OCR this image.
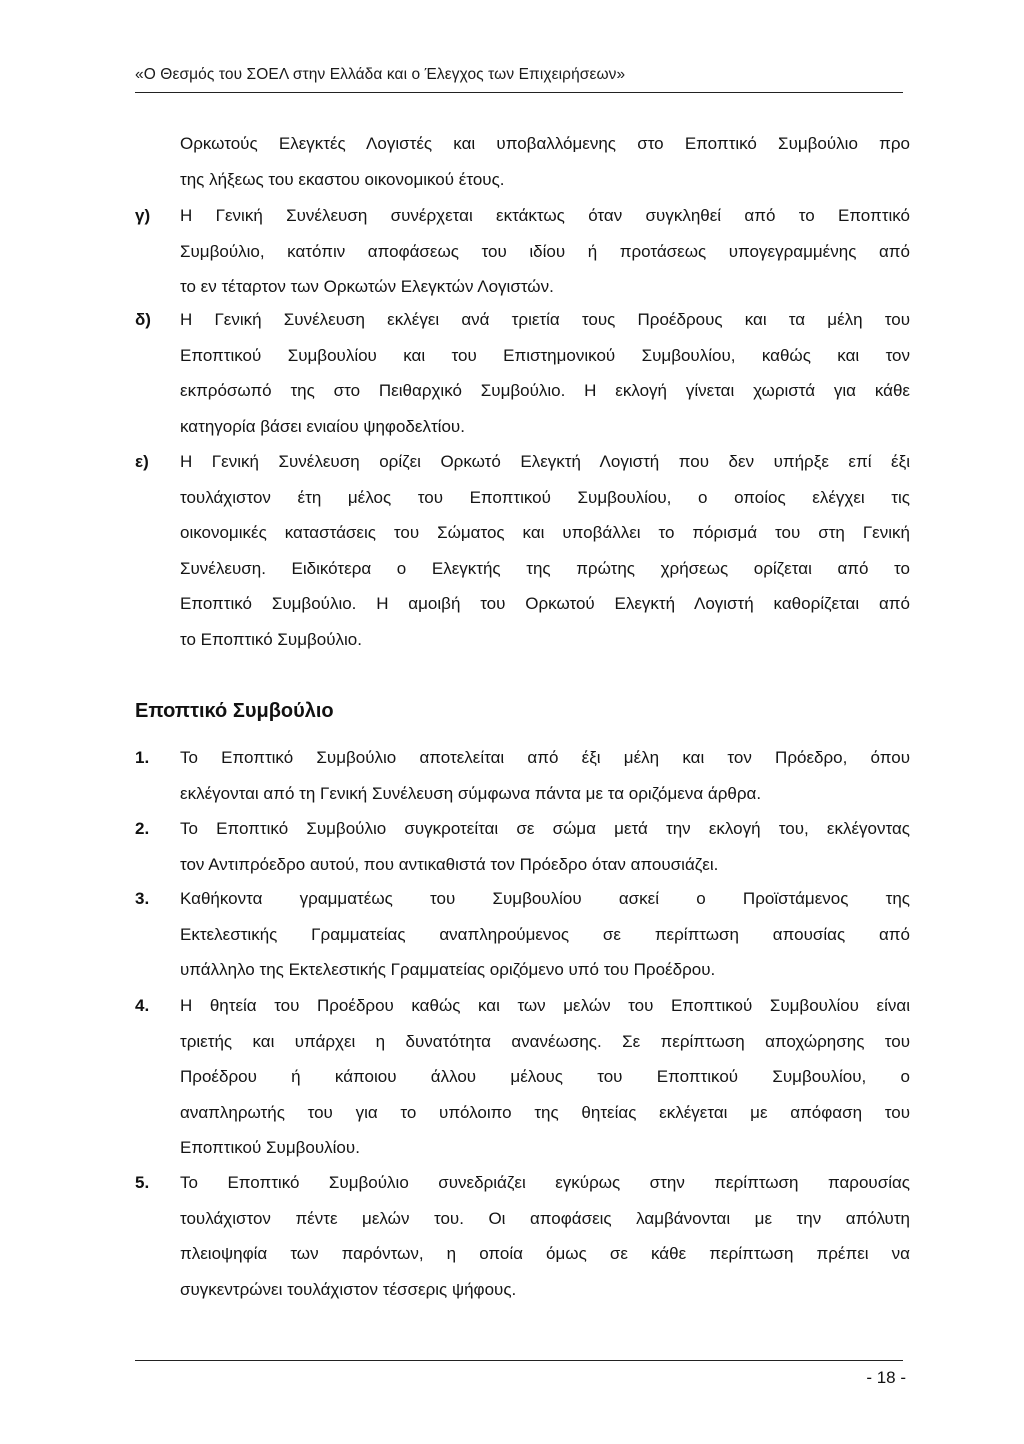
«Ο Θεσμός του ΣΟΕΛ στην Ελλάδα και ο Έλεγχος των Επιχειρήσεων»
Ορκωτούς Ελεγκτές Λογιστές και υποβαλλόμενης στο Εποπτικό Συμβούλιο προ
της λήξεως του εκαστου οικονομικού έτους.
γ) Η Γενική Συνέλευση συνέρχεται εκτάκτως όταν συγκληθεί από το Εποπτικό
Συμβούλιο, κατόπιν αποφάσεως του ιδίου ή προτάσεως υπογεγραμμένης από
το εν τέταρτον των Ορκωτών Ελεγκτών Λογιστών.
δ) Η Γενική Συνέλευση εκλέγει ανά τριετία τους Προέδρους και τα μέλη του
Εποπτικού Συμβουλίου και του Επιστημονικού Συμβουλίου, καθώς και τον
εκπρόσωπό της στο Πειθαρχικό Συμβούλιο. Η εκλογή γίνεται χωριστά για κάθε
κατηγορία βάσει ενιαίου ψηφοδελτίου.
ε) Η Γενική Συνέλευση ορίζει Ορκωτό Ελεγκτή Λογιστή που δεν υπήρξε επί έξι
τουλάχιστον έτη μέλος του Εποπτικού Συμβουλίου, ο οποίος ελέγχει τις
οικονομικές καταστάσεις του Σώματος και υποβάλλει το πόρισμά του στη Γενική
Συνέλευση. Ειδικότερα ο Ελεγκτής της πρώτης χρήσεως ορίζεται από το
Εποπτικό Συμβούλιο. Η αμοιβή του Ορκωτού Ελεγκτή Λογιστή καθορίζεται από
το Εποπτικό Συμβούλιο.
Εποπτικό Συμβούλιο
1. Το Εποπτικό Συμβούλιο αποτελείται από έξι μέλη και τον Πρόεδρο, όπου
εκλέγονται από τη Γενική Συνέλευση σύμφωνα πάντα με τα οριζόμενα άρθρα.
2. Το Εποπτικό Συμβούλιο συγκροτείται σε σώμα μετά την εκλογή του, εκλέγοντας
τον Αντιπρόεδρο αυτού, που αντικαθιστά τον Πρόεδρο όταν απουσιάζει.
3. Καθήκοντα γραμματέως του Συμβουλίου ασκεί ο Προϊστάμενος της
Εκτελεστικής Γραμματείας αναπληρούμενος σε περίπτωση απουσίας από
υπάλληλο της Εκτελεστικής Γραμματείας οριζόμενο υπό του Προέδρου.
4. Η θητεία του Προέδρου καθώς και των μελών του Εποπτικού Συμβουλίου είναι
τριετής και υπάρχει η δυνατότητα ανανέωσης. Σε περίπτωση αποχώρησης του
Προέδρου ή κάποιου άλλου μέλους του Εποπτικού Συμβουλίου, ο
αναπληρωτής του για το υπόλοιπο της θητείας εκλέγεται με απόφαση του
Εποπτικού Συμβουλίου.
5. Το Εποπτικό Συμβούλιο συνεδριάζει εγκύρως στην περίπτωση παρουσίας
τουλάχιστον πέντε μελών του. Οι αποφάσεις λαμβάνονται με την απόλυτη
πλειοψηφία των παρόντων, η οποία όμως σε κάθε περίπτωση πρέπει να
συγκεντρώνει τουλάχιστον τέσσερις ψήφους.
- 18 -
